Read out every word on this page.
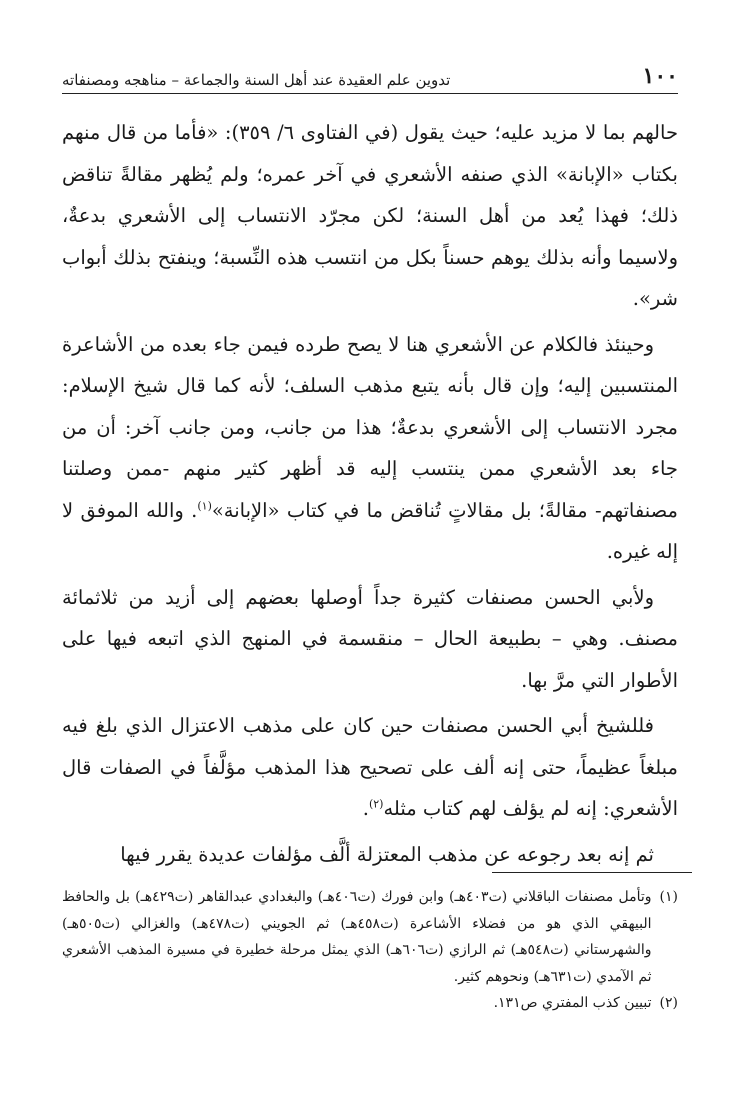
١٠٠
تدوين علم العقيدة عند أهل السنة والجماعة – مناهجه ومصنفاته

حالهم بما لا مزيد عليه؛ حيث يقول (في الفتاوى ٦/ ٣٥٩): «فأما من قال منهم بكتاب «الإبانة» الذي صنفه الأشعري في آخر عمره؛ ولم يُظهر مقالةً تناقض ذلك؛ فهذا يُعد من أهل السنة؛ لكن مجرّد الانتساب إلى الأشعري بدعةٌ، ولاسيما وأنه بذلك يوهم حسناً بكل من انتسب هذه النِّسبة؛ وينفتح بذلك أبواب شر».

وحينئذ فالكلام عن الأشعري هنا لا يصح طرده فيمن جاء بعده من الأشاعرة المنتسبين إليه؛ وإن قال بأنه يتبع مذهب السلف؛ لأنه كما قال شيخ الإسلام: مجرد الانتساب إلى الأشعري بدعةٌ؛ هذا من جانب، ومن جانب آخر: أن من جاء بعد الأشعري ممن ينتسب إليه قد أظهر كثير منهم -ممن وصلتنا مصنفاتهم- مقالةً؛ بل مقالاتٍ تُناقض ما في كتاب «الإبانة»$^{(١)}$. والله الموفق لا إله غيره.

ولأبي الحسن مصنفات كثيرة جداً أوصلها بعضهم إلى أزيد من ثلاثمائة مصنف. وهي – بطبيعة الحال – منقسمة في المنهج الذي اتبعه فيها على الأطوار التي مرَّ بها.

فللشيخ أبي الحسن مصنفات حين كان على مذهب الاعتزال الذي بلغ فيه مبلغاً عظيماً، حتى إنه ألف على تصحيح هذا المذهب مؤلَّفاً في الصفات قال الأشعري: إنه لم يؤلف لهم كتاب مثله$^{(٢)}$.

ثم إنه بعد رجوعه عن مذهب المعتزلة ألَّف مؤلفات عديدة يقرر فيها

(١)
وتأمل مصنفات الباقلاني (ت٤٠٣هـ) وابن فورك (ت٤٠٦هـ) والبغدادي عبدالقاهر (ت٤٢٩هـ) بل والحافظ البيهقي الذي هو من فضلاء الأشاعرة (ت٤٥٨هـ) ثم الجويني (ت٤٧٨هـ) والغزالي (ت٥٠٥هـ) والشهرستاني (ت٥٤٨هـ) ثم الرازي (ت٦٠٦هـ) الذي يمثل مرحلة خطيرة في مسيرة المذهب الأشعري ثم الآمدي (ت٦٣١هـ) ونحوهم كثير.
(٢)
تبيين كذب المفتري ص١٣١.
